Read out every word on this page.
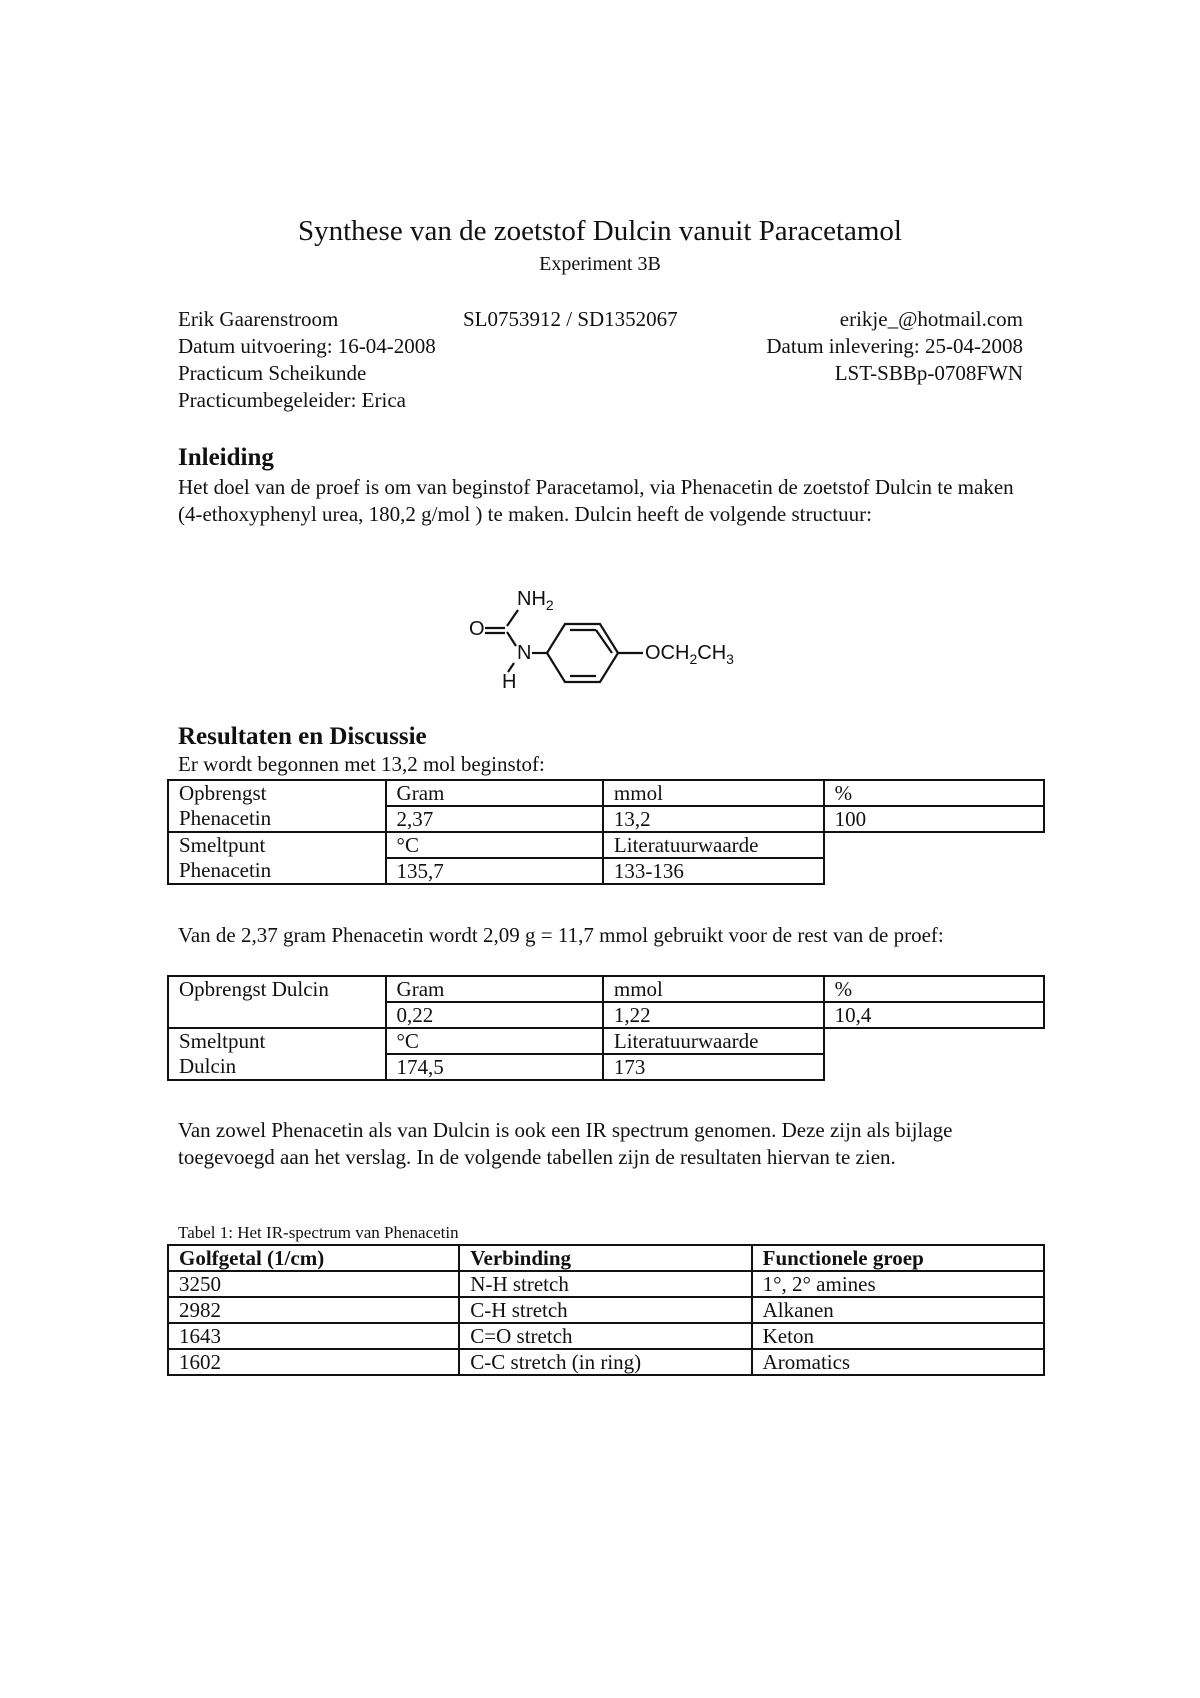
Synthese van de zoetstof Dulcin vanuit Paracetamol
Experiment 3B
Erik Gaarenstroom	SL0753912 / SD1352067	erikje_@hotmail.com
Datum uitvoering: 16-04-2008	Datum inlevering: 25-04-2008
Practicum Scheikunde	LST-SBBp-0708FWN
Practicumbegeleider: Erica
Inleiding

Het doel van de proef is om van beginstof Paracetamol, via Phenacetin de zoetstof Dulcin te maken (4-ethoxyphenyl urea, 180,2 g/mol ) te maken. Dulcin heeft de volgende structuur:

$NH_2$
O
N
H
$OCH_2CH_3$
Resultaten en Discussie

Er wordt begonnen met 13,2 mol beginstof:

Opbrengst	Gram	mmol	%
Phenacetin	2,37	13,2	100
Smeltpunt	°C	Literatuurwaarde	
Phenacetin	135,7	133-136	

Van de 2,37 gram Phenacetin wordt 2,09 g = 11,7 mmol gebruikt voor de rest van de proef:

Opbrengst Dulcin	Gram	mmol	%
	0,22	1,22	10,4
Smeltpunt	°C	Literatuurwaarde	
Dulcin	174,5	173	

Van zowel Phenacetin als van Dulcin is ook een IR spectrum genomen. Deze zijn als bijlage toegevoegd aan het verslag. In de volgende tabellen zijn de resultaten hiervan te zien.

Tabel 1: Het IR-spectrum van Phenacetin
Golfgetal (1/cm)	Verbinding	Functionele groep
3250	N-H stretch	1°, 2° amines
2982	C-H stretch	Alkanen
1643	C=O stretch	Keton
1602	C-C stretch (in ring)	Aromatics
